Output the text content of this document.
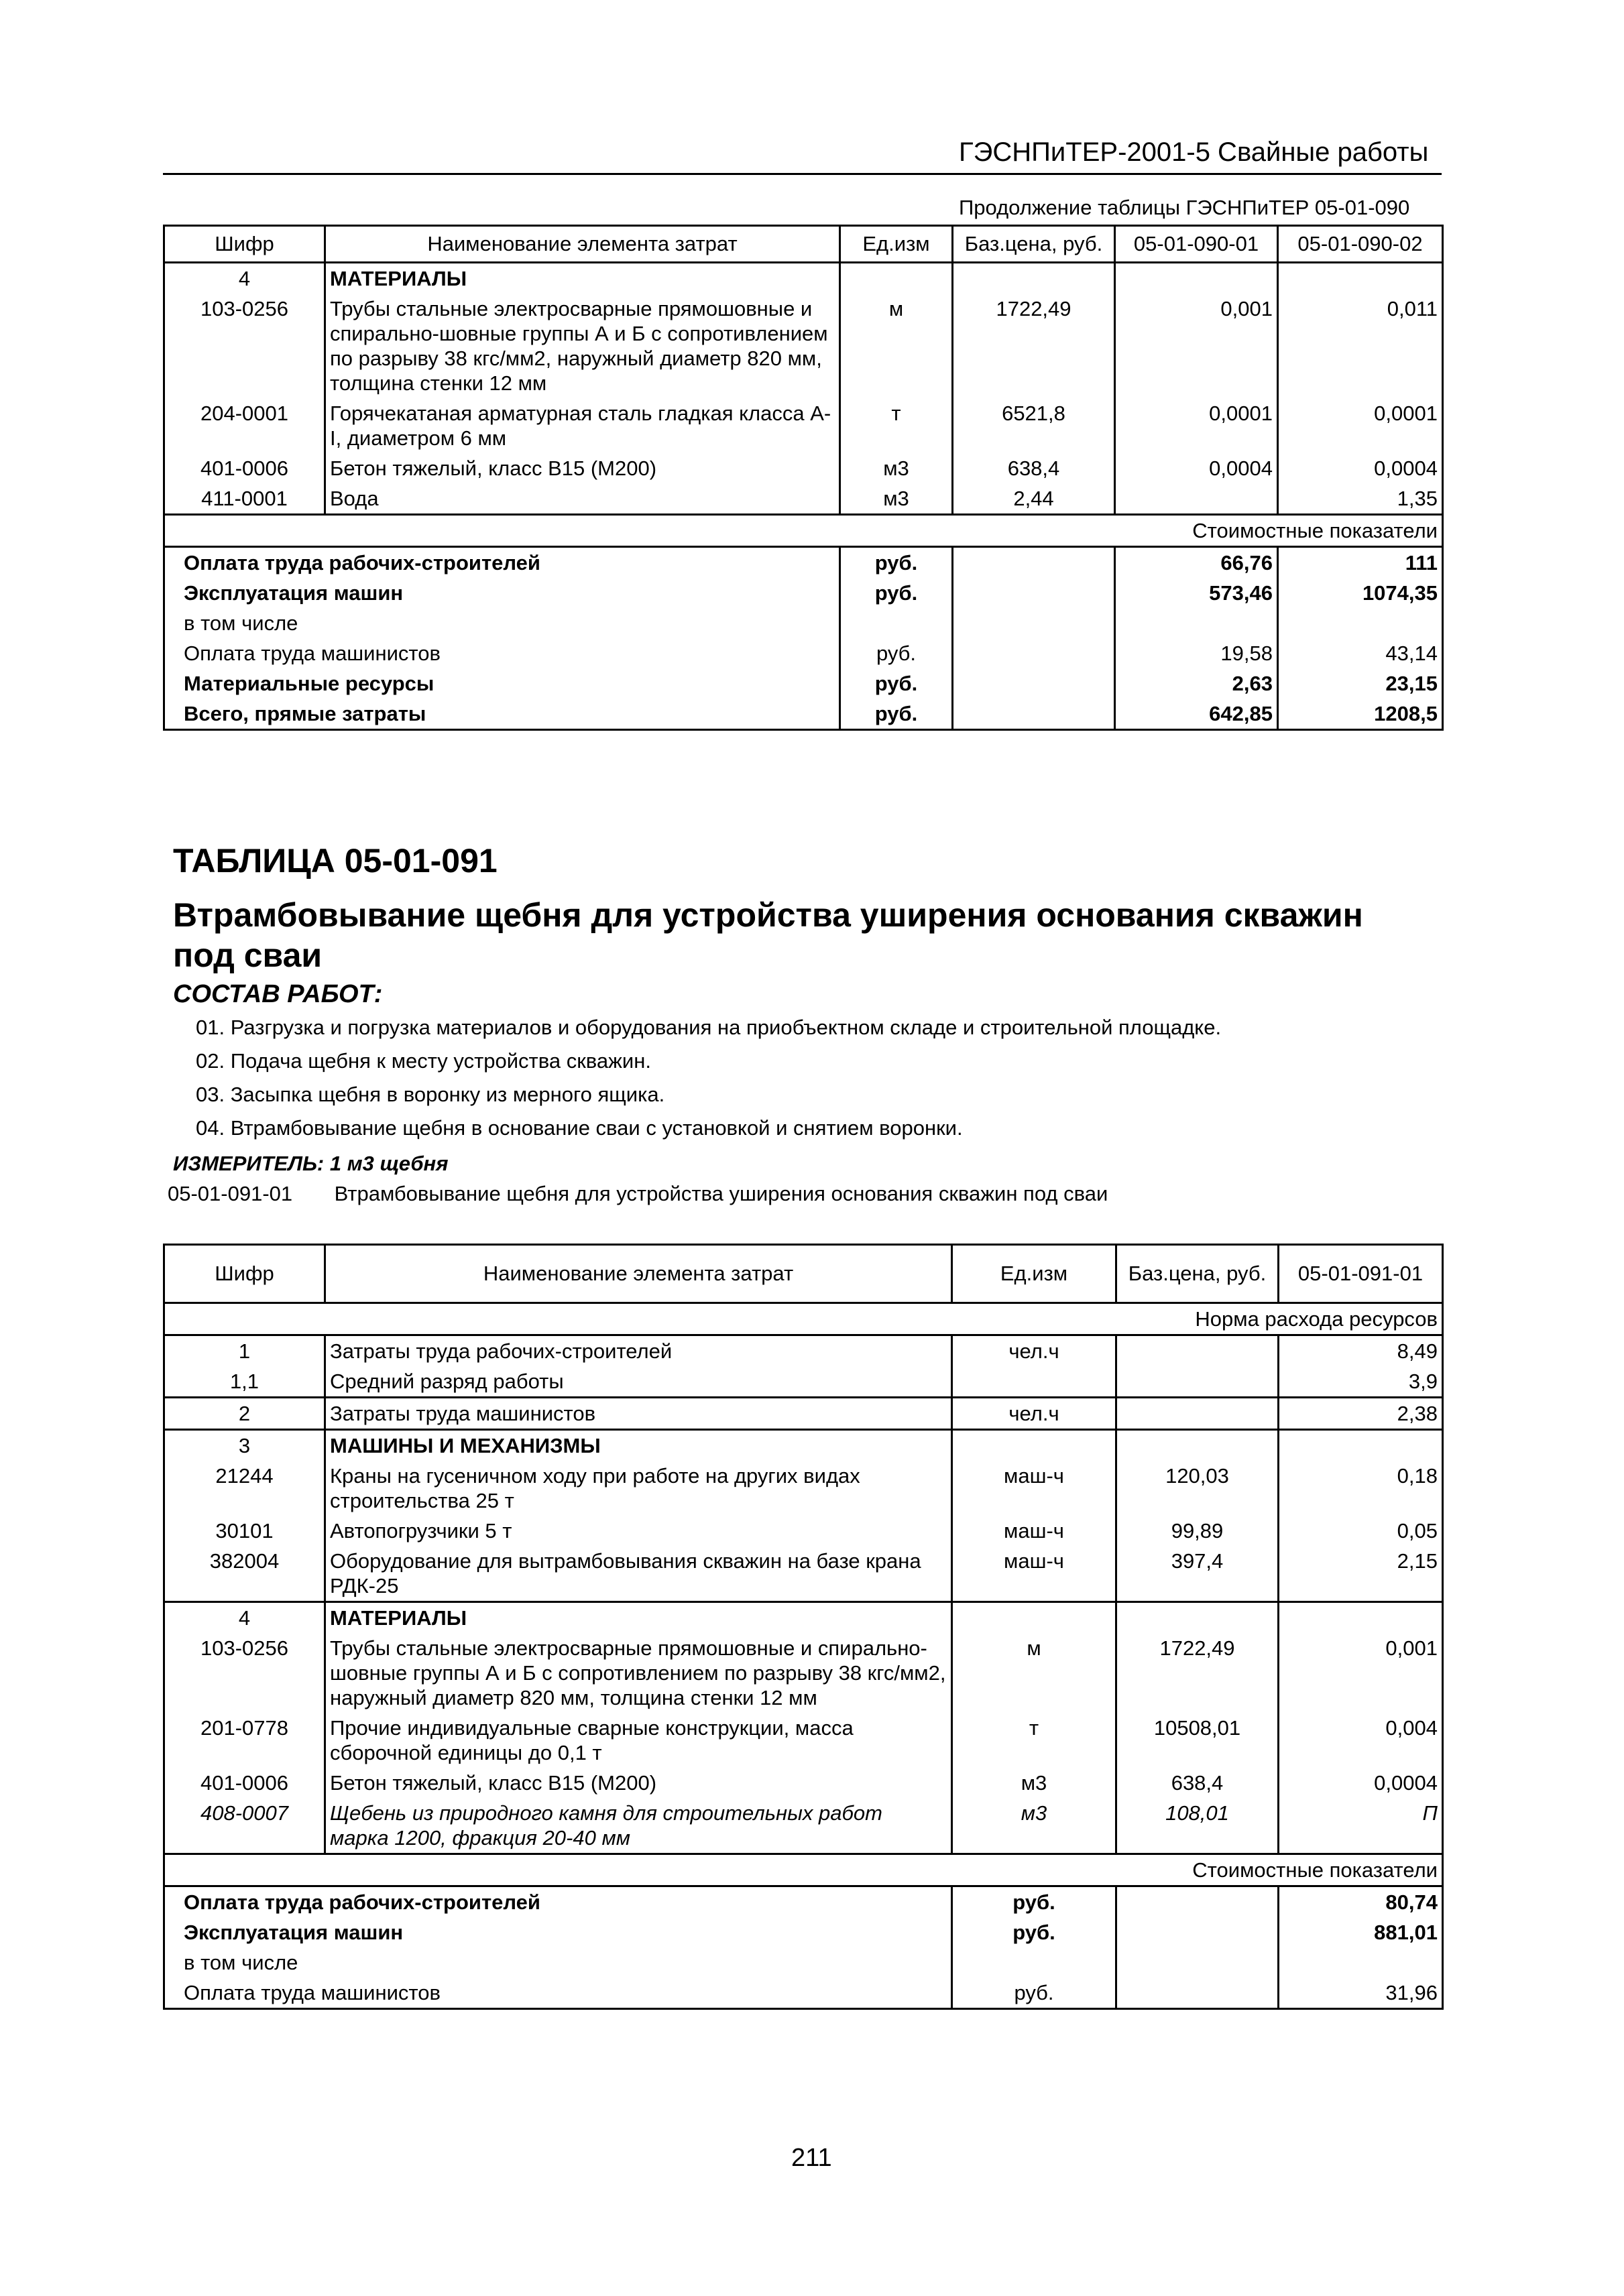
ГЭСНПиТЕР-2001-5 Свайные работы
Продолжение таблицы ГЭСНПиТЕР 05-01-090
Шифр	Наименование элемента затрат	Ед.изм	Баз.цена, руб.	05-01-090-01	05-01-090-02
4	МАТЕРИАЛЫ				
103-0256	Трубы стальные электросварные прямошовные и спирально-шовные группы А и Б с сопротивлением по разрыву 38 кгс/мм2, наружный диаметр 820 мм, толщина стенки 12 мм	м	1722,49	0,001	0,011
204-0001	Горячекатаная арматурная сталь гладкая класса А-I, диаметром 6 мм	т	6521,8	0,0001	0,0001
401-0006	Бетон тяжелый, класс В15 (М200)	м3	638,4	0,0004	0,0004
411-0001	Вода	м3	2,44		1,35
Стоимостные показатели					
Оплата труда рабочих-строителей		руб.		66,76	111
Эксплуатация машин		руб.		573,46	1074,35
в том числе					
Оплата труда машинистов		руб.		19,58	43,14
Материальные ресурсы		руб.		2,63	23,15
Всего, прямые затраты		руб.		642,85	1208,5
ТАБЛИЦА 05-01-091
Втрамбовывание щебня для устройства уширения основания скважин под сваи
СОСТАВ РАБОТ:
01. Разгрузка и погрузка материалов и оборудования на приобъектном складе и строительной площадке.
02. Подача щебня к месту устройства скважин.
03. Засыпка щебня в воронку из мерного ящика.
04. Втрамбовывание щебня в основание сваи с установкой и снятием воронки.
ИЗМЕРИТЕЛЬ: 1 м3 щебня
05-01-091-01 Втрамбовывание щебня для устройства уширения основания скважин под сваи
Шифр	Наименование элемента затрат	Ед.изм	Баз.цена, руб.	05-01-091-01
Норма расхода ресурсов				
1	Затраты труда рабочих-строителей	чел.ч		8,49
1,1	Средний разряд работы			3,9
2	Затраты труда машинистов	чел.ч		2,38
3	МАШИНЫ И МЕХАНИЗМЫ			
21244	Краны на гусеничном ходу при работе на других видах строительства 25 т	маш-ч	120,03	0,18
30101	Автопогрузчики 5 т	маш-ч	99,89	0,05
382004	Оборудование для вытрамбовывания скважин на базе крана РДК-25	маш-ч	397,4	2,15
4	МАТЕРИАЛЫ			
103-0256	Трубы стальные электросварные прямошовные и спирально-шовные группы А и Б с сопротивлением по разрыву 38 кгс/мм2, наружный диаметр 820 мм, толщина стенки 12 мм	м	1722,49	0,001
201-0778	Прочие индивидуальные сварные конструкции, масса сборочной единицы до 0,1 т	т	10508,01	0,004
401-0006	Бетон тяжелый, класс В15 (М200)	м3	638,4	0,0004
408-0007	Щебень из природного камня для строительных работ марка 1200, фракция 20-40 мм	м3	108,01	П
Стоимостные показатели				
Оплата труда рабочих-строителей		руб.		80,74
Эксплуатация машин		руб.		881,01
в том числе				
Оплата труда машинистов		руб.		31,96
211
